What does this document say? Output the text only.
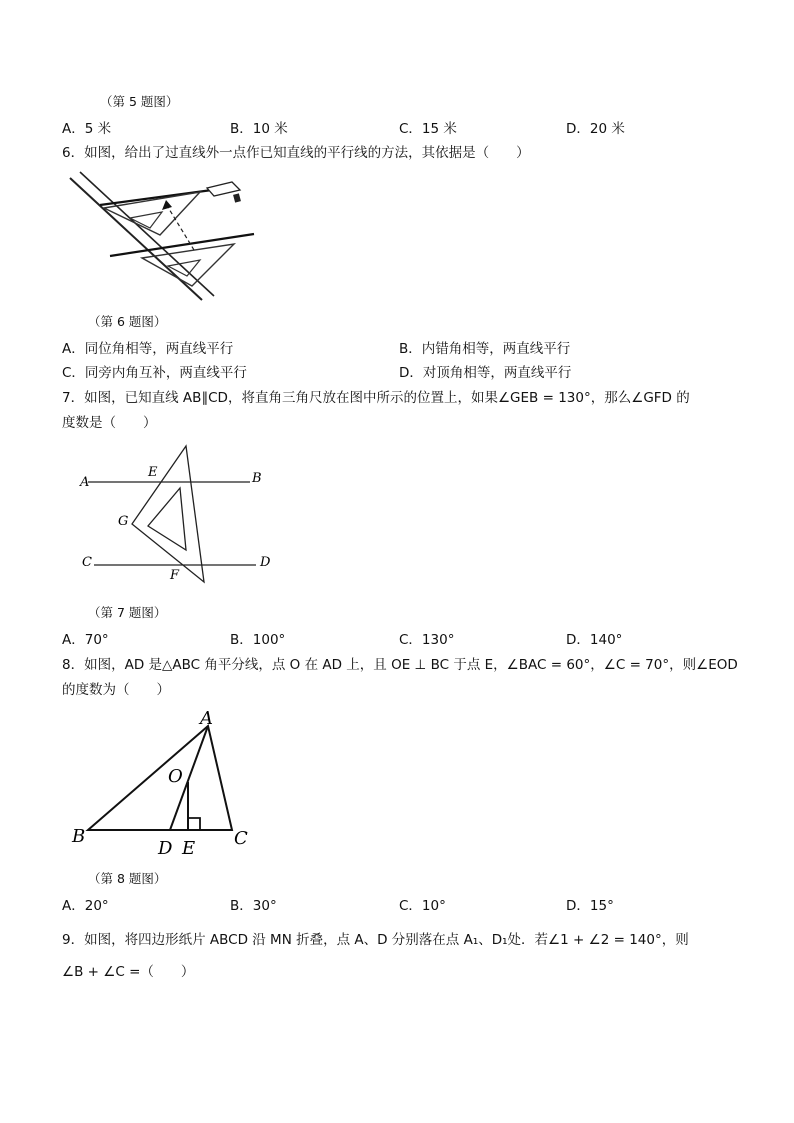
（第 5 题图）
A．5 米	B．10 米	C．15 米	D．20 米
6．如图，给出了过直线外一点作已知直线的平行线的方法，其依据是（　　）
（第 6 题图）
A．同位角相等，两直线平行	B．内错角相等，两直线平行
C．同旁内角互补，两直线平行	D．对顶角相等，两直线平行
7．如图，已知直线 AB∥CD，将直角三角尺放在图中所示的位置上，如果∠GEB = 130°，那么∠GFD 的
度数是（　　）
A	B
C	D
E
F
G
（第 7 题图）
A．70°	B．100°	C．130°	D．140°
8．如图，AD 是△ABC 角平分线，点 O 在 AD 上，且 OE ⊥ BC 于点 E，∠BAC = 60°，∠C = 70°，则∠EOD
的度数为（　　）
A
B	C
D E
O
（第 8 题图）
A．20°	B．30°	C．10°	D．15°
9．如图，将四边形纸片 ABCD 沿 MN 折叠，点 A、D 分别落在点 A₁、D₁处．若∠1 + ∠2 = 140°，则
∠B + ∠C =（　　）
